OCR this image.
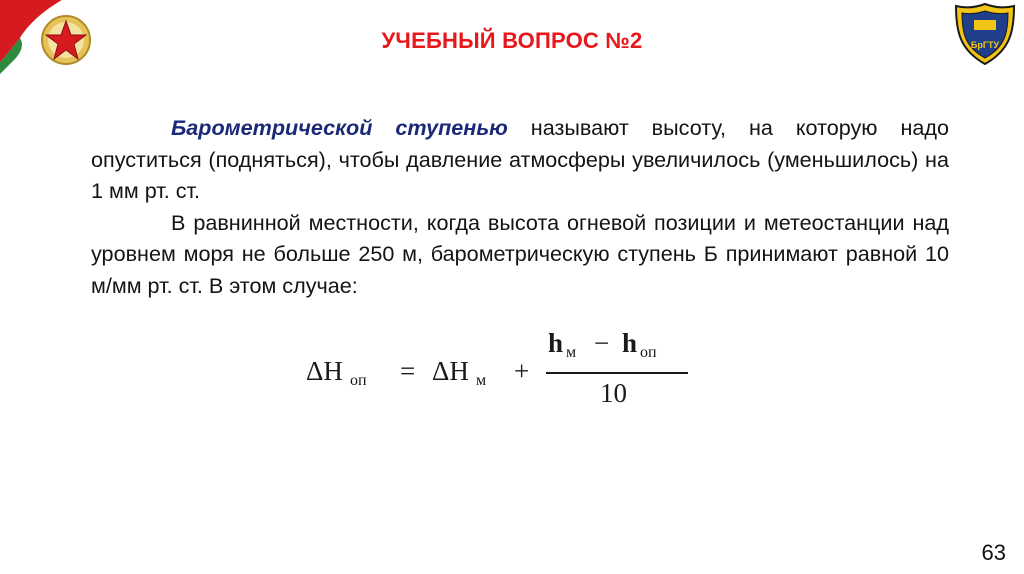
БрГТУ
УЧЕБНЫЙ ВОПРОС №2

Барометрической ступенью называют высоту, на которую надо опуститься (подняться), чтобы давление атмосферы увеличилось (уменьшилось) на 1 мм рт. ст.

В равнинной местности, когда высота огневой позиции и метеостанции над уровнем моря не больше 250 м, барометрическую ступень Б принимают равной 10 м/мм рт. ст. В этом случае:

ΔH оп = ΔH м +
h м − h оп
10
63
